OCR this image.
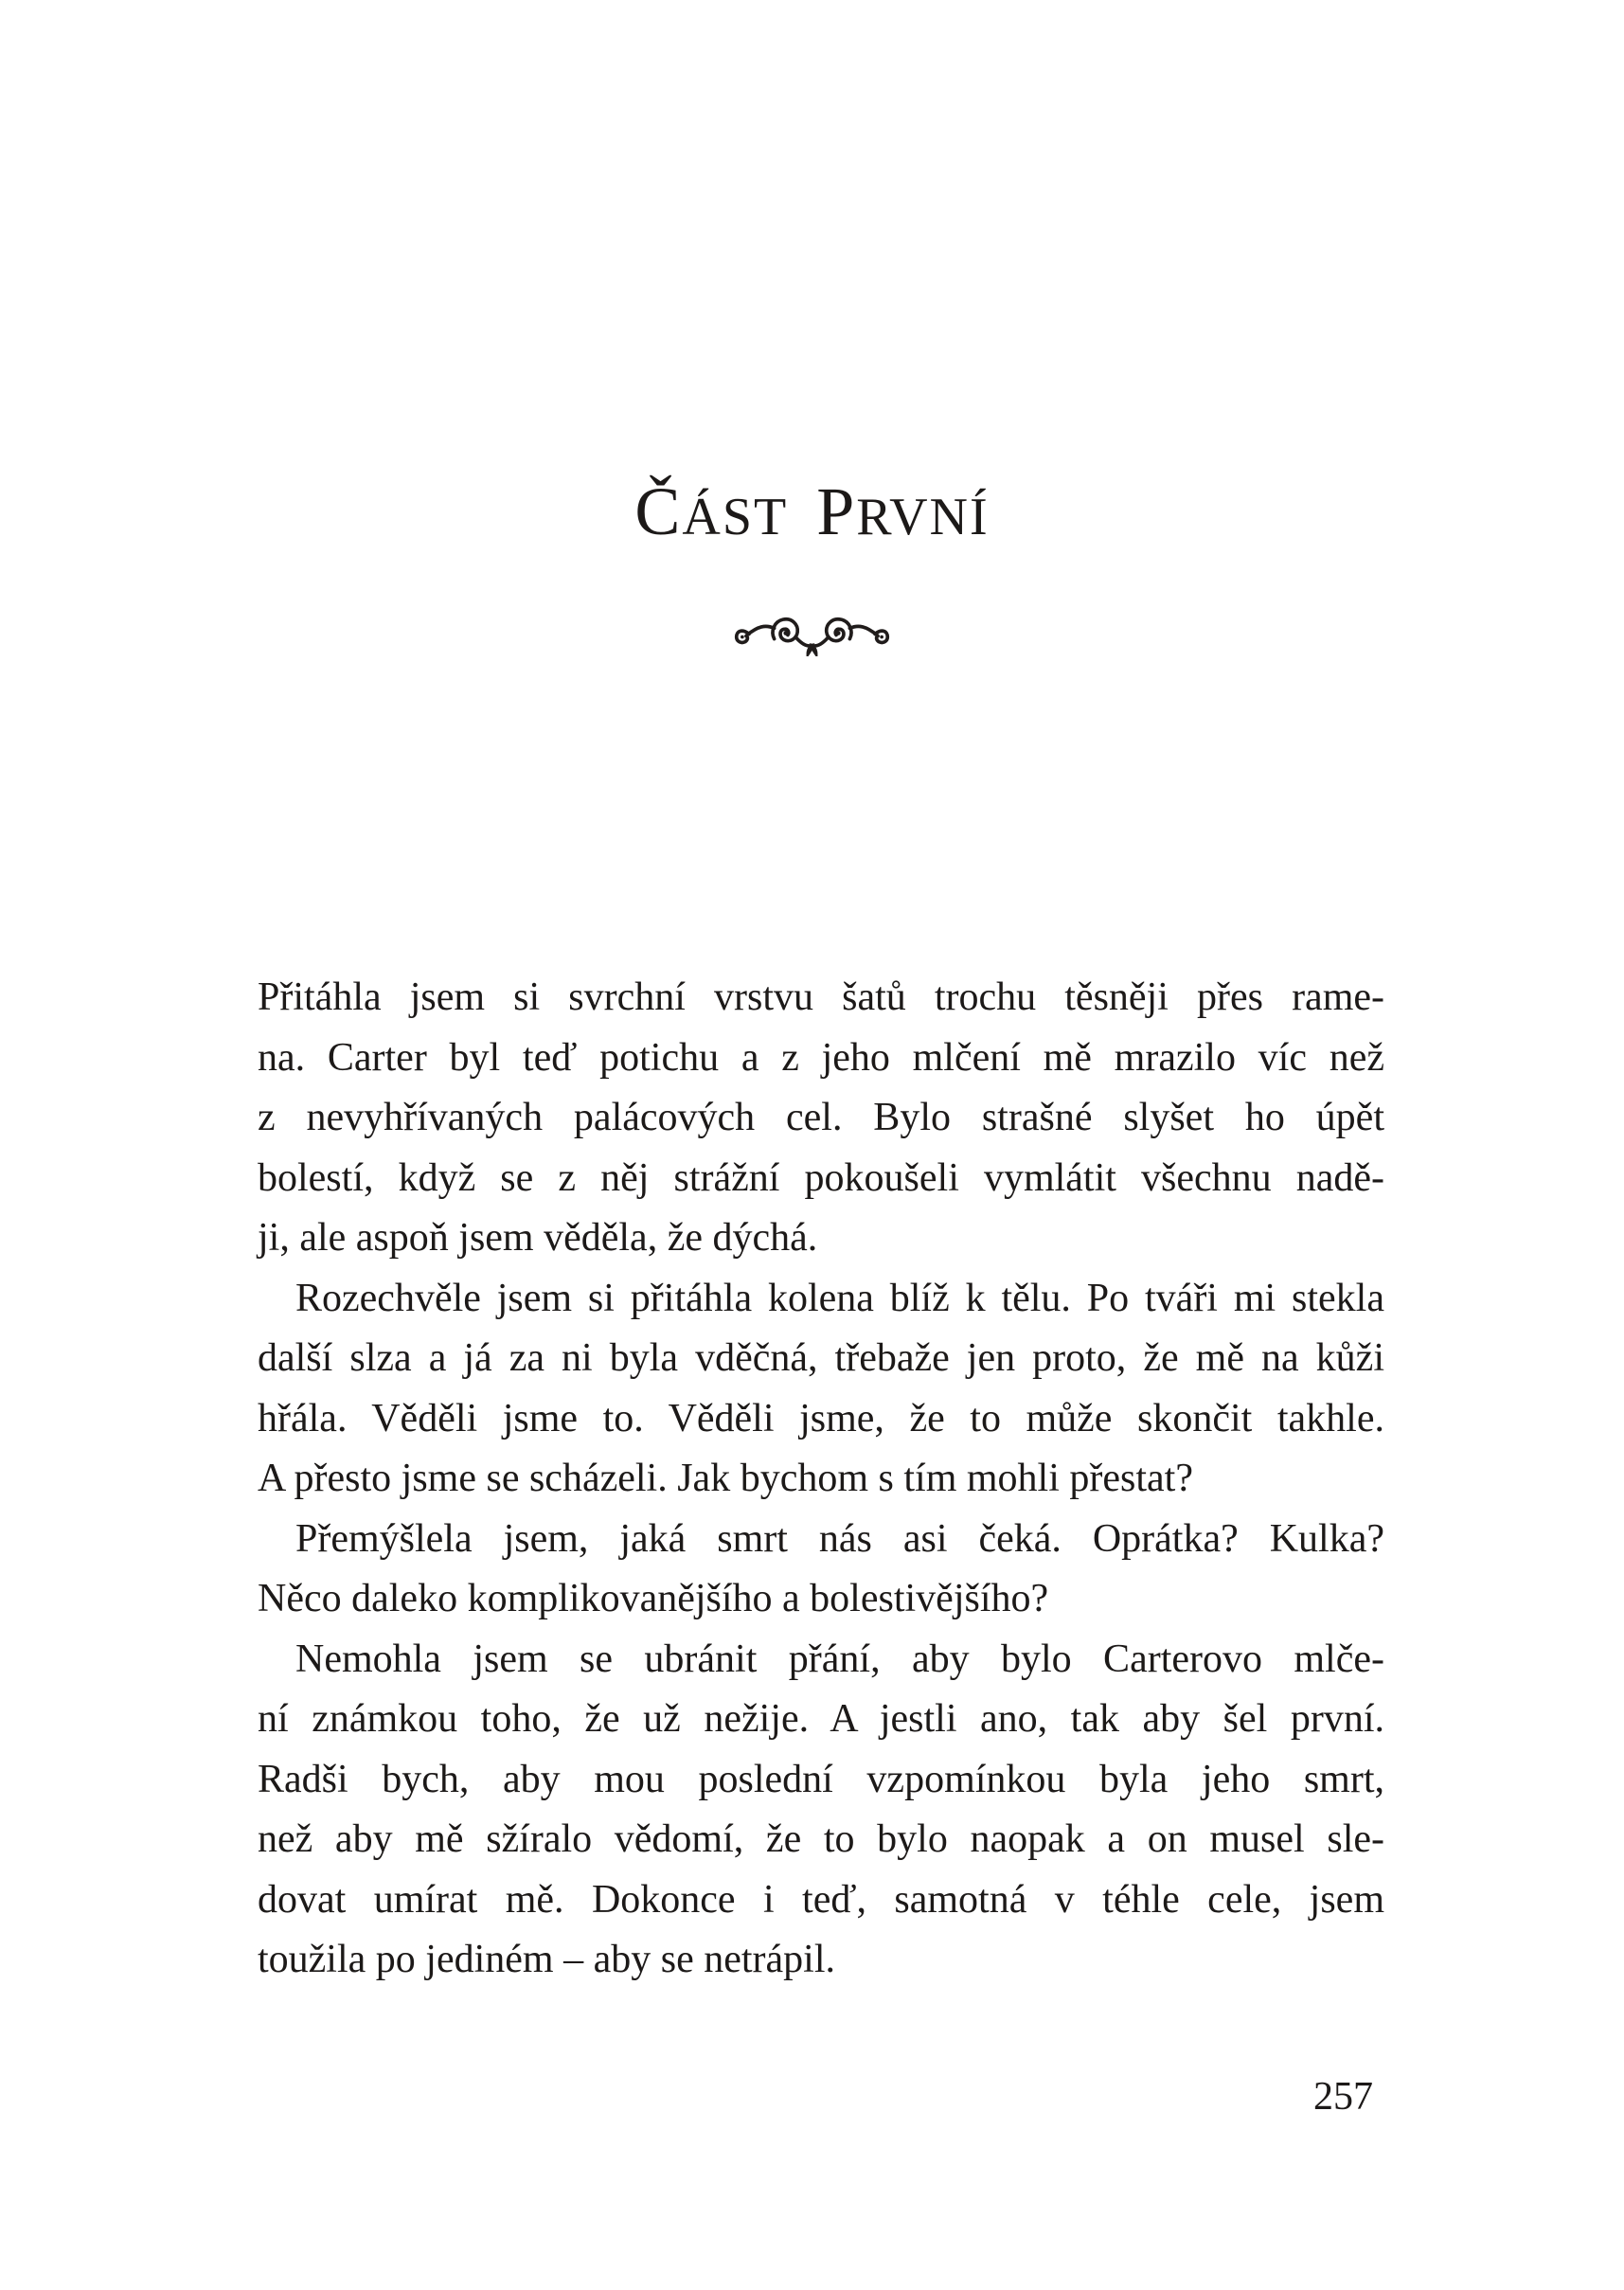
ČÁST PRVNÍ
Přitáhla jsem si svrchní vrstvu šatů trochu těsněji přes rame-
na. Carter byl teď potichu a z jeho mlčení mě mrazilo víc než
z nevyhřívaných palácových cel. Bylo strašné slyšet ho úpět
bolestí, když se z něj strážní pokoušeli vymlátit všechnu nadě-
ji, ale aspoň jsem věděla, že dýchá.
Rozechvěle jsem si přitáhla kolena blíž k tělu. Po tváři mi stekla
další slza a já za ni byla vděčná, třebaže jen proto, že mě na kůži
hřála. Věděli jsme to. Věděli jsme, že to může skončit takhle.
A přesto jsme se scházeli. Jak bychom s tím mohli přestat?
Přemýšlela jsem, jaká smrt nás asi čeká. Oprátka? Kulka?
Něco daleko komplikovanějšího a bolestivějšího?
Nemohla jsem se ubránit přání, aby bylo Carterovo mlče-
ní známkou toho, že už nežije. A jestli ano, tak aby šel první.
Radši bych, aby mou poslední vzpomínkou byla jeho smrt,
než aby mě sžíralo vědomí, že to bylo naopak a on musel sle-
dovat umírat mě. Dokonce i teď, samotná v téhle cele, jsem
toužila po jediném – aby se netrápil.
257
